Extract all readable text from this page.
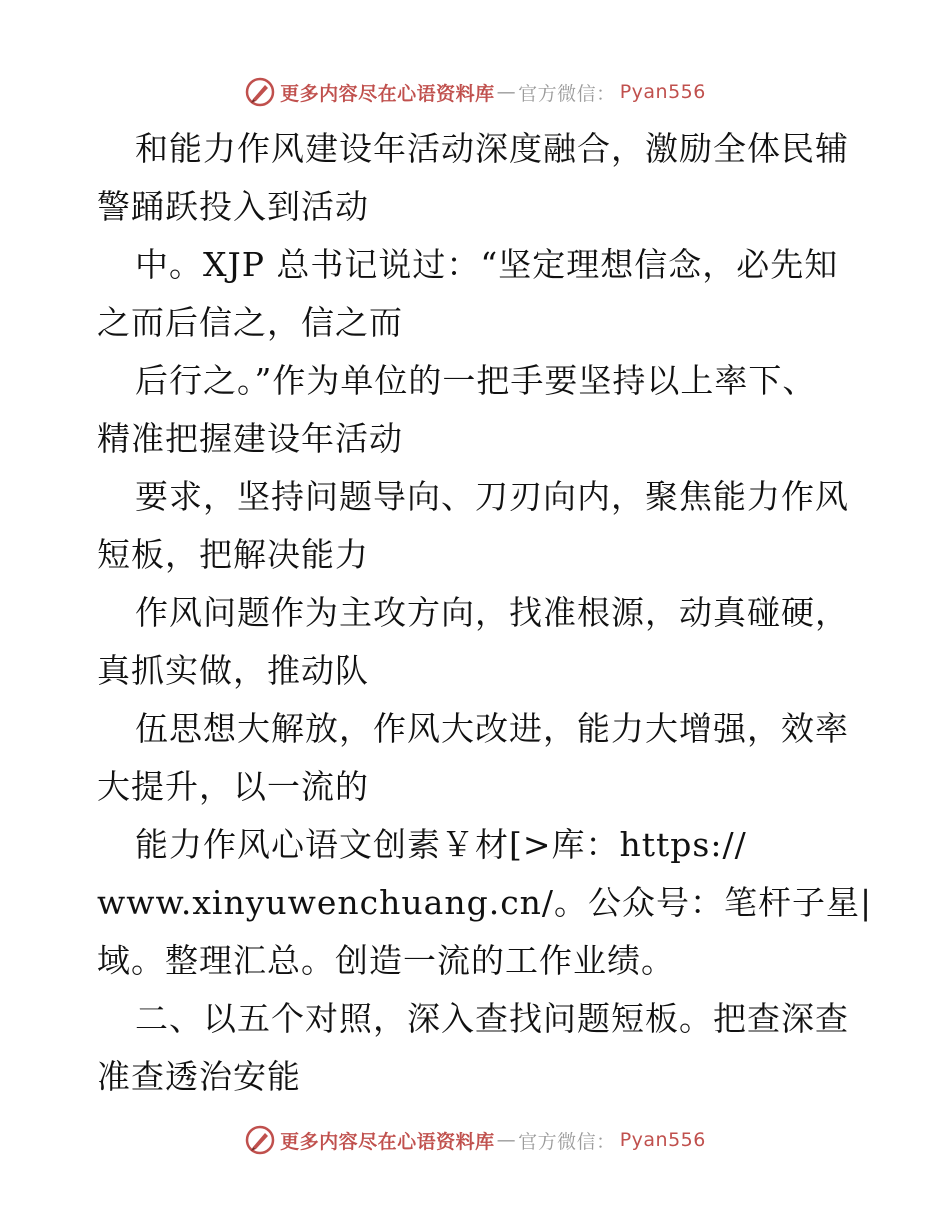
更多内容尽在心语资料库 — 官方微信： Pyan556
和能力作风建设年活动深度融合，激励全体民辅
警踊跃投入到活动
中。XJP 总书记说过：“坚定理想信念，必先知
之而后信之，信之而
后行之。”作为单位的一把手要坚持以上率下、
精准把握建设年活动
要求，坚持问题导向、刀刃向内，聚焦能力作风
短板，把解决能力
作风问题作为主攻方向，找准根源，动真碰硬，
真抓实做，推动队
伍思想大解放，作风大改进，能力大增强，效率
大提升，以一流的
能力作风心语文创素￥材[>库：https://
www.xinyuwenchuang.cn/。公众号：笔杆子星|
域。整理汇总。创造一流的工作业绩。
二、以五个对照，深入查找问题短板。把查深查
准查透治安能
更多内容尽在心语资料库 — 官方微信： Pyan556
